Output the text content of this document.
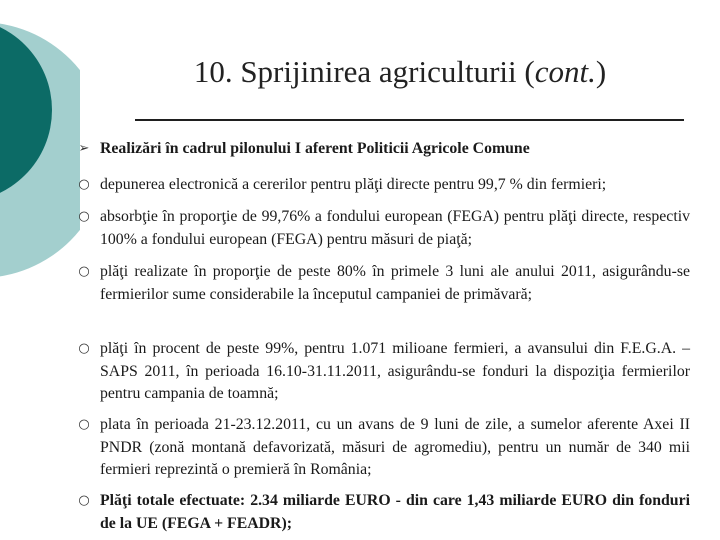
10. Sprijinirea agriculturii (cont.)
➢ Realizări în cadrul pilonului I aferent Politicii Agricole Comune
○ depunerea electronică a cererilor pentru plăţi directe pentru 99,7 % din fermieri;
○ absorbţie în proporţie de 99,76% a fondului european (FEGA) pentru plăţi directe, respectiv 100% a fondului european (FEGA) pentru măsuri de piaţă;
○ plăţi realizate în proporţie de peste 80% în primele 3 luni ale anului 2011, asigurându-se fermierilor sume considerabile la începutul campaniei de primăvară;
○ plăţi în procent de peste 99%, pentru 1.071 milioane fermieri, a avansului din F.E.G.A. – SAPS 2011, în perioada 16.10-31.11.2011, asigurându-se fonduri la dispoziţia fermierilor pentru campania de toamnă;
○ plata în perioada 21-23.12.2011, cu un avans de 9 luni de zile, a sumelor aferente Axei II PNDR (zonă montană defavorizată, măsuri de agromediu), pentru un număr de 340 mii fermieri reprezintă o premieră în România;
○ Plăţi totale efectuate: 2.34 miliarde EURO - din care 1,43 miliarde EURO din fonduri de la UE (FEGA + FEADR);
